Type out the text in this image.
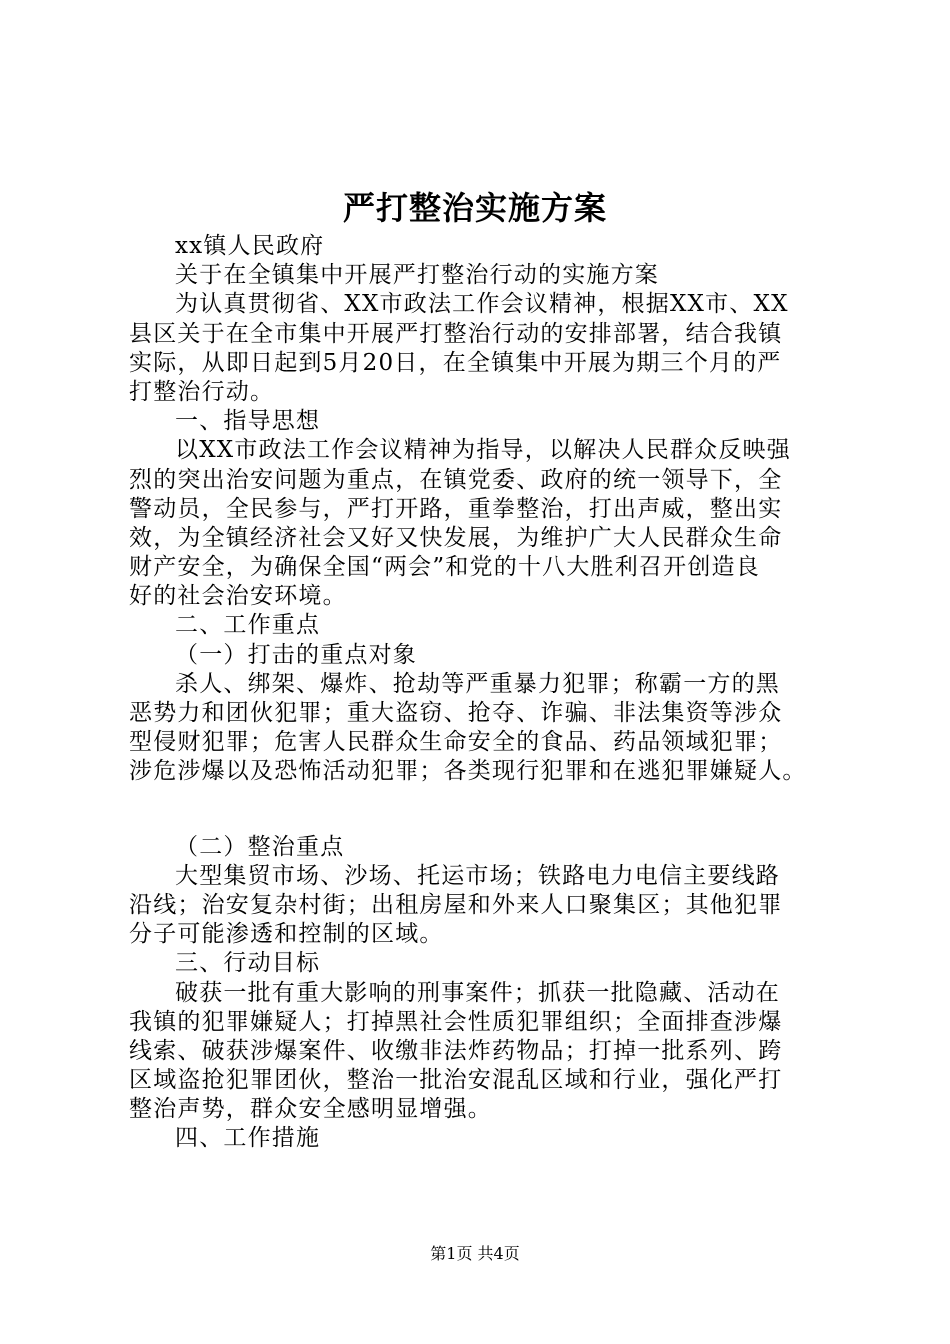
严打整治实施方案
xx镇人民政府
关于在全镇集中开展严打整治行动的实施方案
为认真贯彻省、XX市政法工作会议精神，根据XX市、XX
县区关于在全市集中开展严打整治行动的安排部署，结合我镇
实际，从即日起到5月20日，在全镇集中开展为期三个月的严
打整治行动。
一、指导思想
以XX市政法工作会议精神为指导，以解决人民群众反映强
烈的突出治安问题为重点，在镇党委、政府的统一领导下，全
警动员，全民参与，严打开路，重拳整治，打出声威，整出实
效，为全镇经济社会又好又快发展，为维护广大人民群众生命
财产安全，为确保全国“两会”和党的十八大胜利召开创造良
好的社会治安环境。
二、工作重点
（一）打击的重点对象
杀人、绑架、爆炸、抢劫等严重暴力犯罪；称霸一方的黑
恶势力和团伙犯罪；重大盗窃、抢夺、诈骗、非法集资等涉众
型侵财犯罪；危害人民群众生命安全的食品、药品领域犯罪；
涉危涉爆以及恐怖活动犯罪；各类现行犯罪和在逃犯罪嫌疑人。
（二）整治重点
大型集贸市场、沙场、托运市场；铁路电力电信主要线路
沿线；治安复杂村街；出租房屋和外来人口聚集区；其他犯罪
分子可能渗透和控制的区域。
三、行动目标
破获一批有重大影响的刑事案件；抓获一批隐藏、活动在
我镇的犯罪嫌疑人；打掉黑社会性质犯罪组织；全面排查涉爆
线索、破获涉爆案件、收缴非法炸药物品；打掉一批系列、跨
区域盗抢犯罪团伙，整治一批治安混乱区域和行业，强化严打
整治声势，群众安全感明显增强。
四、工作措施
第1页 共4页
